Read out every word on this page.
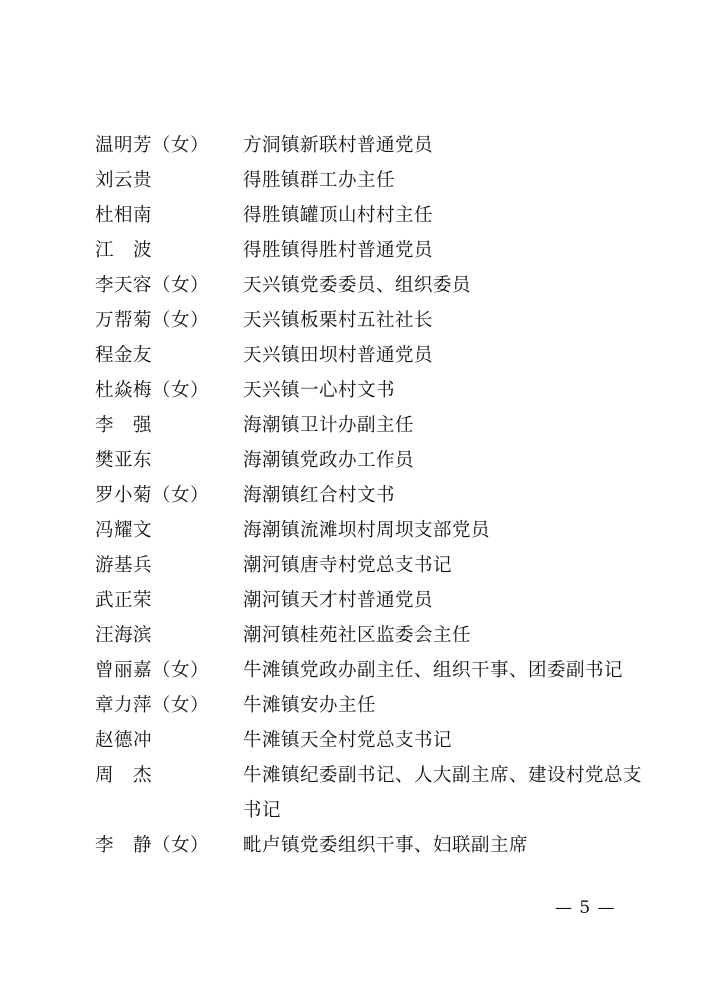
温明芳（女）	方洞镇新联村普通党员
刘云贵	得胜镇群工办主任
杜相南	得胜镇罐顶山村村主任
江　波	得胜镇得胜村普通党员
李天容（女）	天兴镇党委委员、组织委员
万帮菊（女）	天兴镇板栗村五社社长
程金友	天兴镇田坝村普通党员
杜焱梅（女）	天兴镇一心村文书
李　强	海潮镇卫计办副主任
樊亚东	海潮镇党政办工作员
罗小菊（女）	海潮镇红合村文书
冯耀文	海潮镇流滩坝村周坝支部党员
游基兵	潮河镇唐寺村党总支书记
武正荣	潮河镇天才村普通党员
汪海滨	潮河镇桂苑社区监委会主任
曾丽嘉（女）	牛滩镇党政办副主任、组织干事、团委副书记
章力萍（女）	牛滩镇安办主任
赵德冲	牛滩镇天全村党总支书记
周　杰	牛滩镇纪委副书记、人大副主席、建设村党总支书记
李　静（女）	毗卢镇党委组织干事、妇联副主席
— 5 —
